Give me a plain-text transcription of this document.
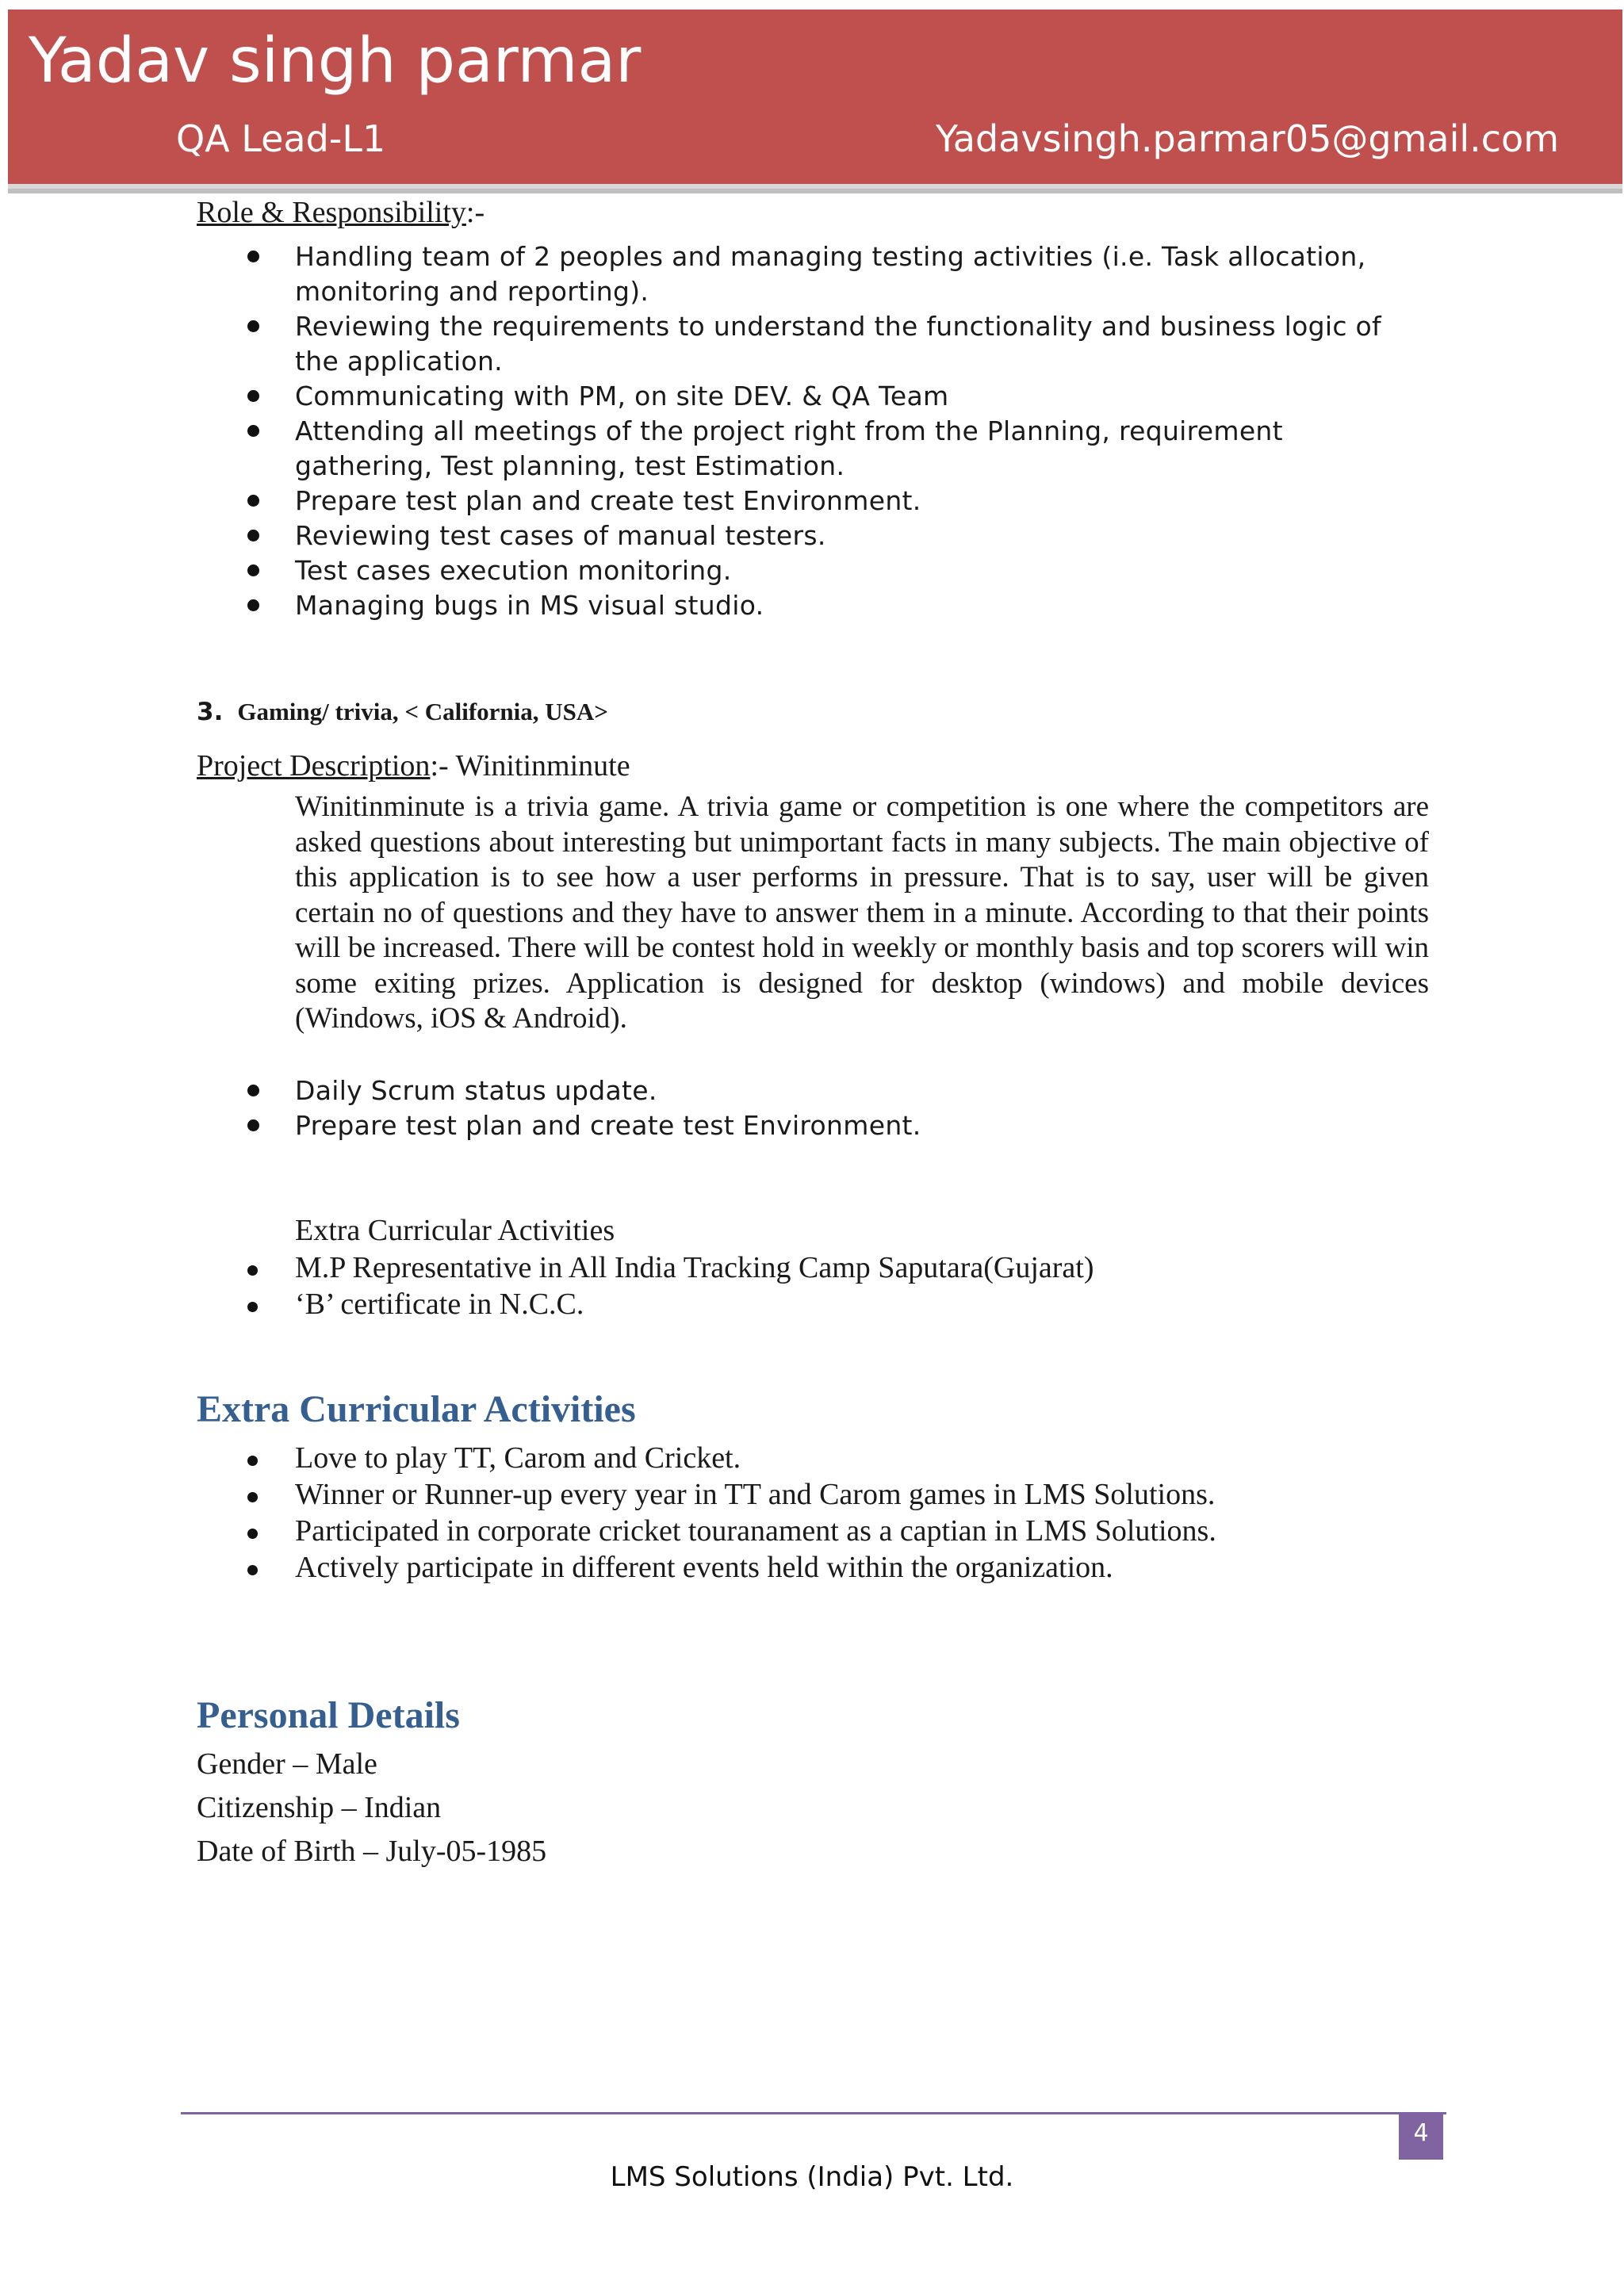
Yadav singh parmar
QA Lead-L1	Yadavsingh.parmar05@gmail.com
Role & Responsibility:-
Handling team of 2 peoples and managing testing activities (i.e. Task allocation, monitoring and reporting).
Reviewing the requirements to understand the functionality and business logic of the application.
Communicating with PM, on site DEV. & QA Team
Attending all meetings of the project right from the Planning, requirement gathering, Test planning, test Estimation.
Prepare test plan and create test Environment.
Reviewing test cases of manual testers.
Test cases execution monitoring.
Managing bugs in MS visual studio.
3. Gaming/ trivia, < California, USA>
Project Description:- Winitinminute
Winitinminute is a trivia game. A trivia game or competition is one where the competitors are asked questions about interesting but unimportant facts in many subjects. The main objective of this application is to see how a user performs in pressure. That is to say, user will be given certain no of questions and they have to answer them in a minute. According to that their points will be increased. There will be contest hold in weekly or monthly basis and top scorers will win some exiting prizes. Application is designed for desktop (windows) and mobile devices (Windows, iOS & Android).
Daily Scrum status update.
Prepare test plan and create test Environment.
Extra Curricular Activities
M.P Representative in All India Tracking Camp Saputara(Gujarat)
‘B’ certificate in N.C.C.
Extra Curricular Activities
Love to play TT, Carom and Cricket.
Winner or Runner-up every year in TT and Carom games in LMS Solutions.
Participated in corporate cricket touranament as a captian in LMS Solutions.
Actively participate in different events held within the organization.
Personal Details
Gender – Male
Citizenship – Indian
Date of Birth – July-05-1985
4
LMS Solutions (India) Pvt. Ltd.
